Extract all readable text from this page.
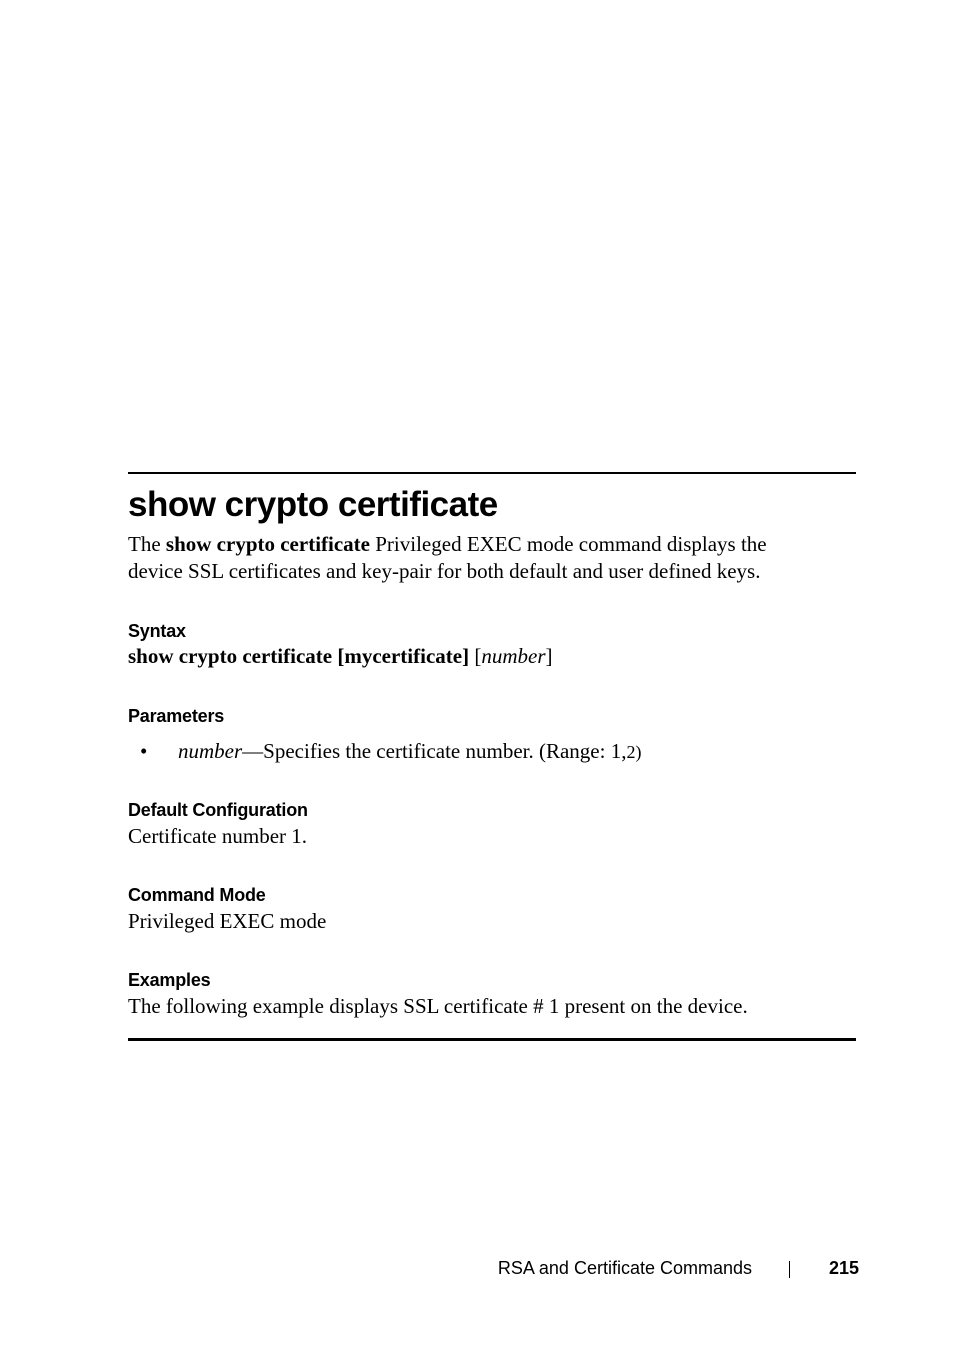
show crypto certificate

The show crypto certificate Privileged EXEC mode command displays the
device SSL certificates and key-pair for both default and user defined keys.

Syntax

show crypto certificate [mycertificate] [number]

Parameters

• number—Specifies the certificate number. (Range: 1,2)

Default Configuration

Certificate number 1.

Command Mode

Privileged EXEC mode

Examples

The following example displays SSL certificate # 1 present on the device.

RSA and Certificate Commands	215
